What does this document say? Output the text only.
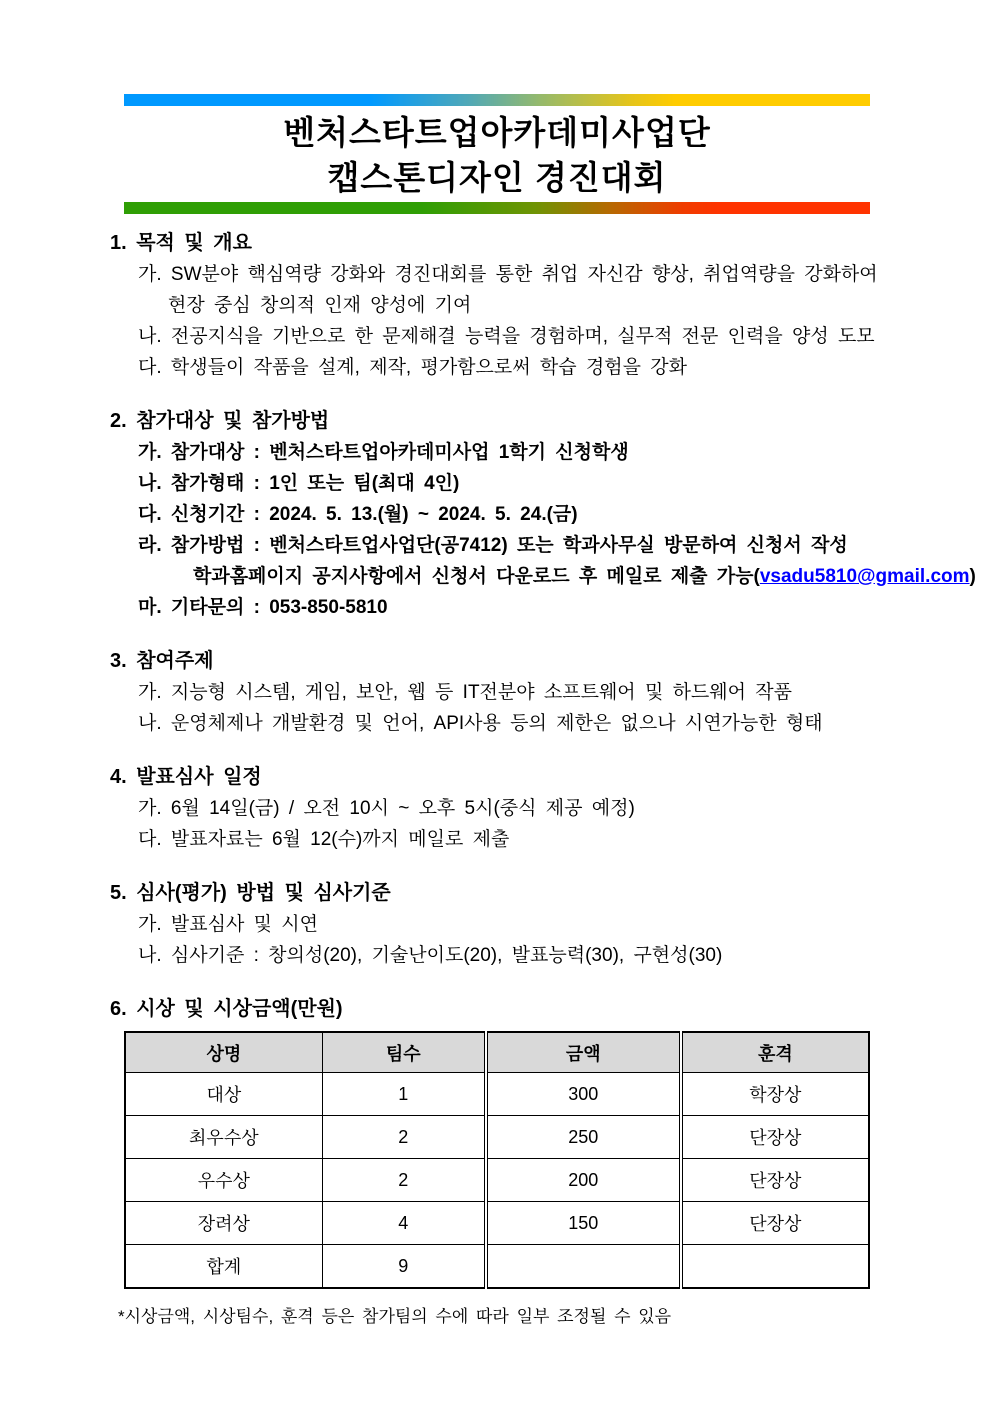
벤처스타트업아카데미사업단
캡스톤디자인 경진대회
1. 목적 및 개요
가. SW분야 핵심역량 강화와 경진대회를 통한 취업 자신감 향상, 취업역량을 강화하여
현장 중심 창의적 인재 양성에 기여
나. 전공지식을 기반으로 한 문제해결 능력을 경험하며, 실무적 전문 인력을 양성 도모
다. 학생들이 작품을 설계, 제작, 평가함으로써 학습 경험을 강화
2. 참가대상 및 참가방법
가. 참가대상 : 벤처스타트업아카데미사업 1학기 신청학생
나. 참가형태 : 1인 또는 팀(최대 4인)
다. 신청기간 : 2024. 5. 13.(월) ~ 2024. 5. 24.(금)
라. 참가방법 : 벤처스타트업사업단(공7412) 또는 학과사무실 방문하여 신청서 작성
학과홈페이지 공지사항에서 신청서 다운로드 후 메일로 제출 가능(vsadu5810@gmail.com)
마. 기타문의 : 053-850-5810
3. 참여주제
가. 지능형 시스템, 게임, 보안, 웹 등 IT전분야 소프트웨어 및 하드웨어 작품
나. 운영체제나 개발환경 및 언어, API사용 등의 제한은 없으나 시연가능한 형태
4. 발표심사 일정
가. 6월 14일(금) / 오전 10시 ~ 오후 5시(중식 제공 예정)
다. 발표자료는 6월 12(수)까지 메일로 제출
5. 심사(평가) 방법 및 심사기준
가. 발표심사 및 시연
나. 심사기준 : 창의성(20), 기술난이도(20), 발표능력(30), 구현성(30)
6. 시상 및 시상금액(만원)
상명	팀수	금액	훈격
대상	1	300	학장상
최우수상	2	250	단장상
우수상	2	200	단장상
장려상	4	150	단장상
합계	9		
*시상금액, 시상팀수, 훈격 등은 참가팀의 수에 따라 일부 조정될 수 있음
